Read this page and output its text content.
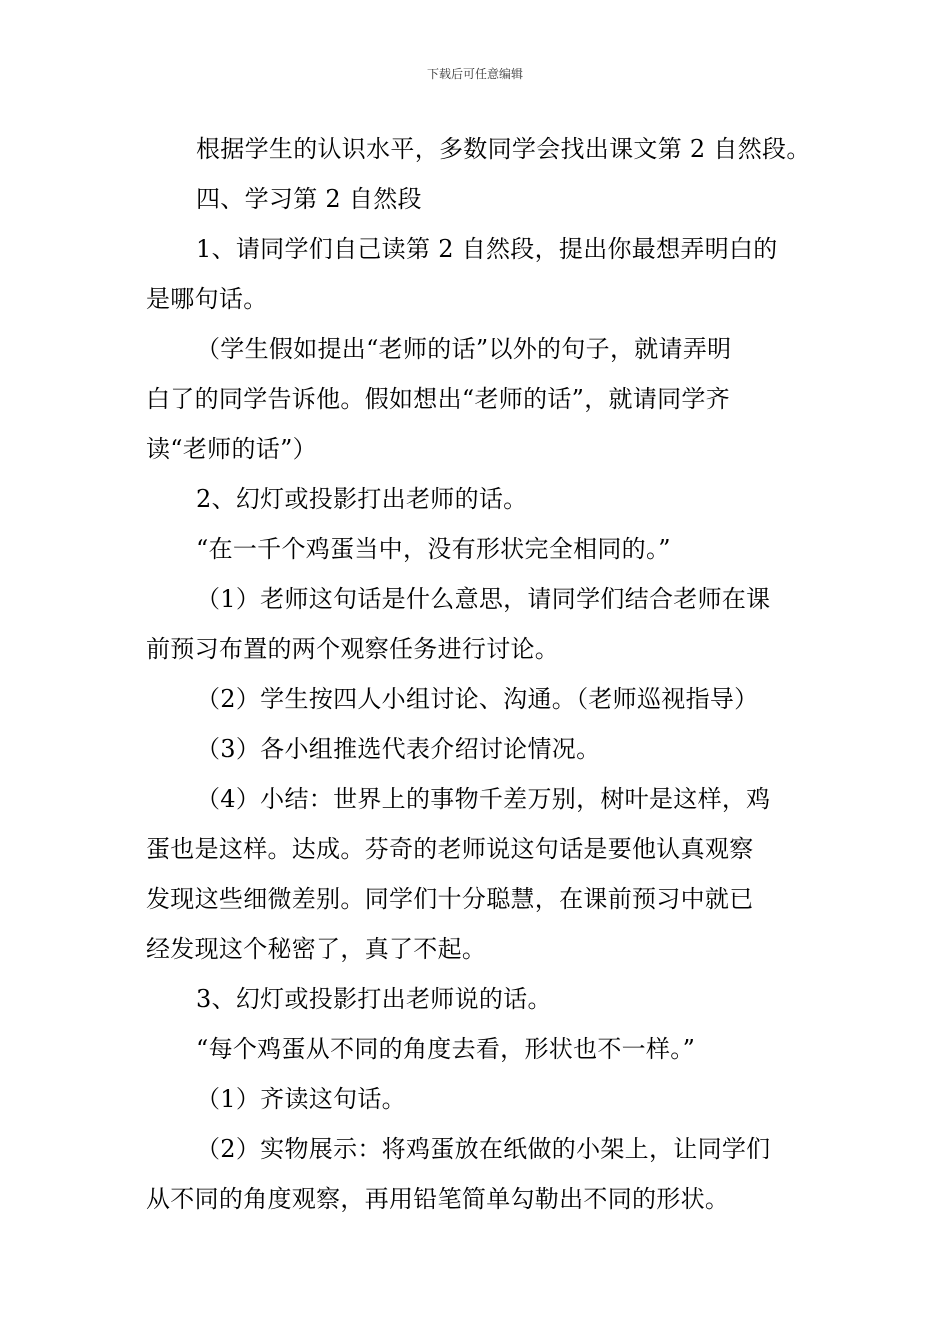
下载后可任意编辑
根据学生的认识水平，多数同学会找出课文第 2 自然段。
四、学习第 2 自然段
1、请同学们自己读第 2 自然段，提出你最想弄明白的
是哪句话。
（学生假如提出“老师的话”以外的句子，就请弄明
白了的同学告诉他。假如想出“老师的话”，就请同学齐
读“老师的话”）
2、幻灯或投影打出老师的话。
“在一千个鸡蛋当中，没有形状完全相同的。”
（1）老师这句话是什么意思，请同学们结合老师在课
前预习布置的两个观察任务进行讨论。
（2）学生按四人小组讨论、沟通。（老师巡视指导）
（3）各小组推选代表介绍讨论情况。
（4）小结：世界上的事物千差万别，树叶是这样，鸡
蛋也是这样。达成。芬奇的老师说这句话是要他认真观察
发现这些细微差别。同学们十分聪慧，在课前预习中就已
经发现这个秘密了，真了不起。
3、幻灯或投影打出老师说的话。
“每个鸡蛋从不同的角度去看，形状也不一样。”
（1）齐读这句话。
（2）实物展示：将鸡蛋放在纸做的小架上，让同学们
从不同的角度观察，再用铅笔简单勾勒出不同的形状。
